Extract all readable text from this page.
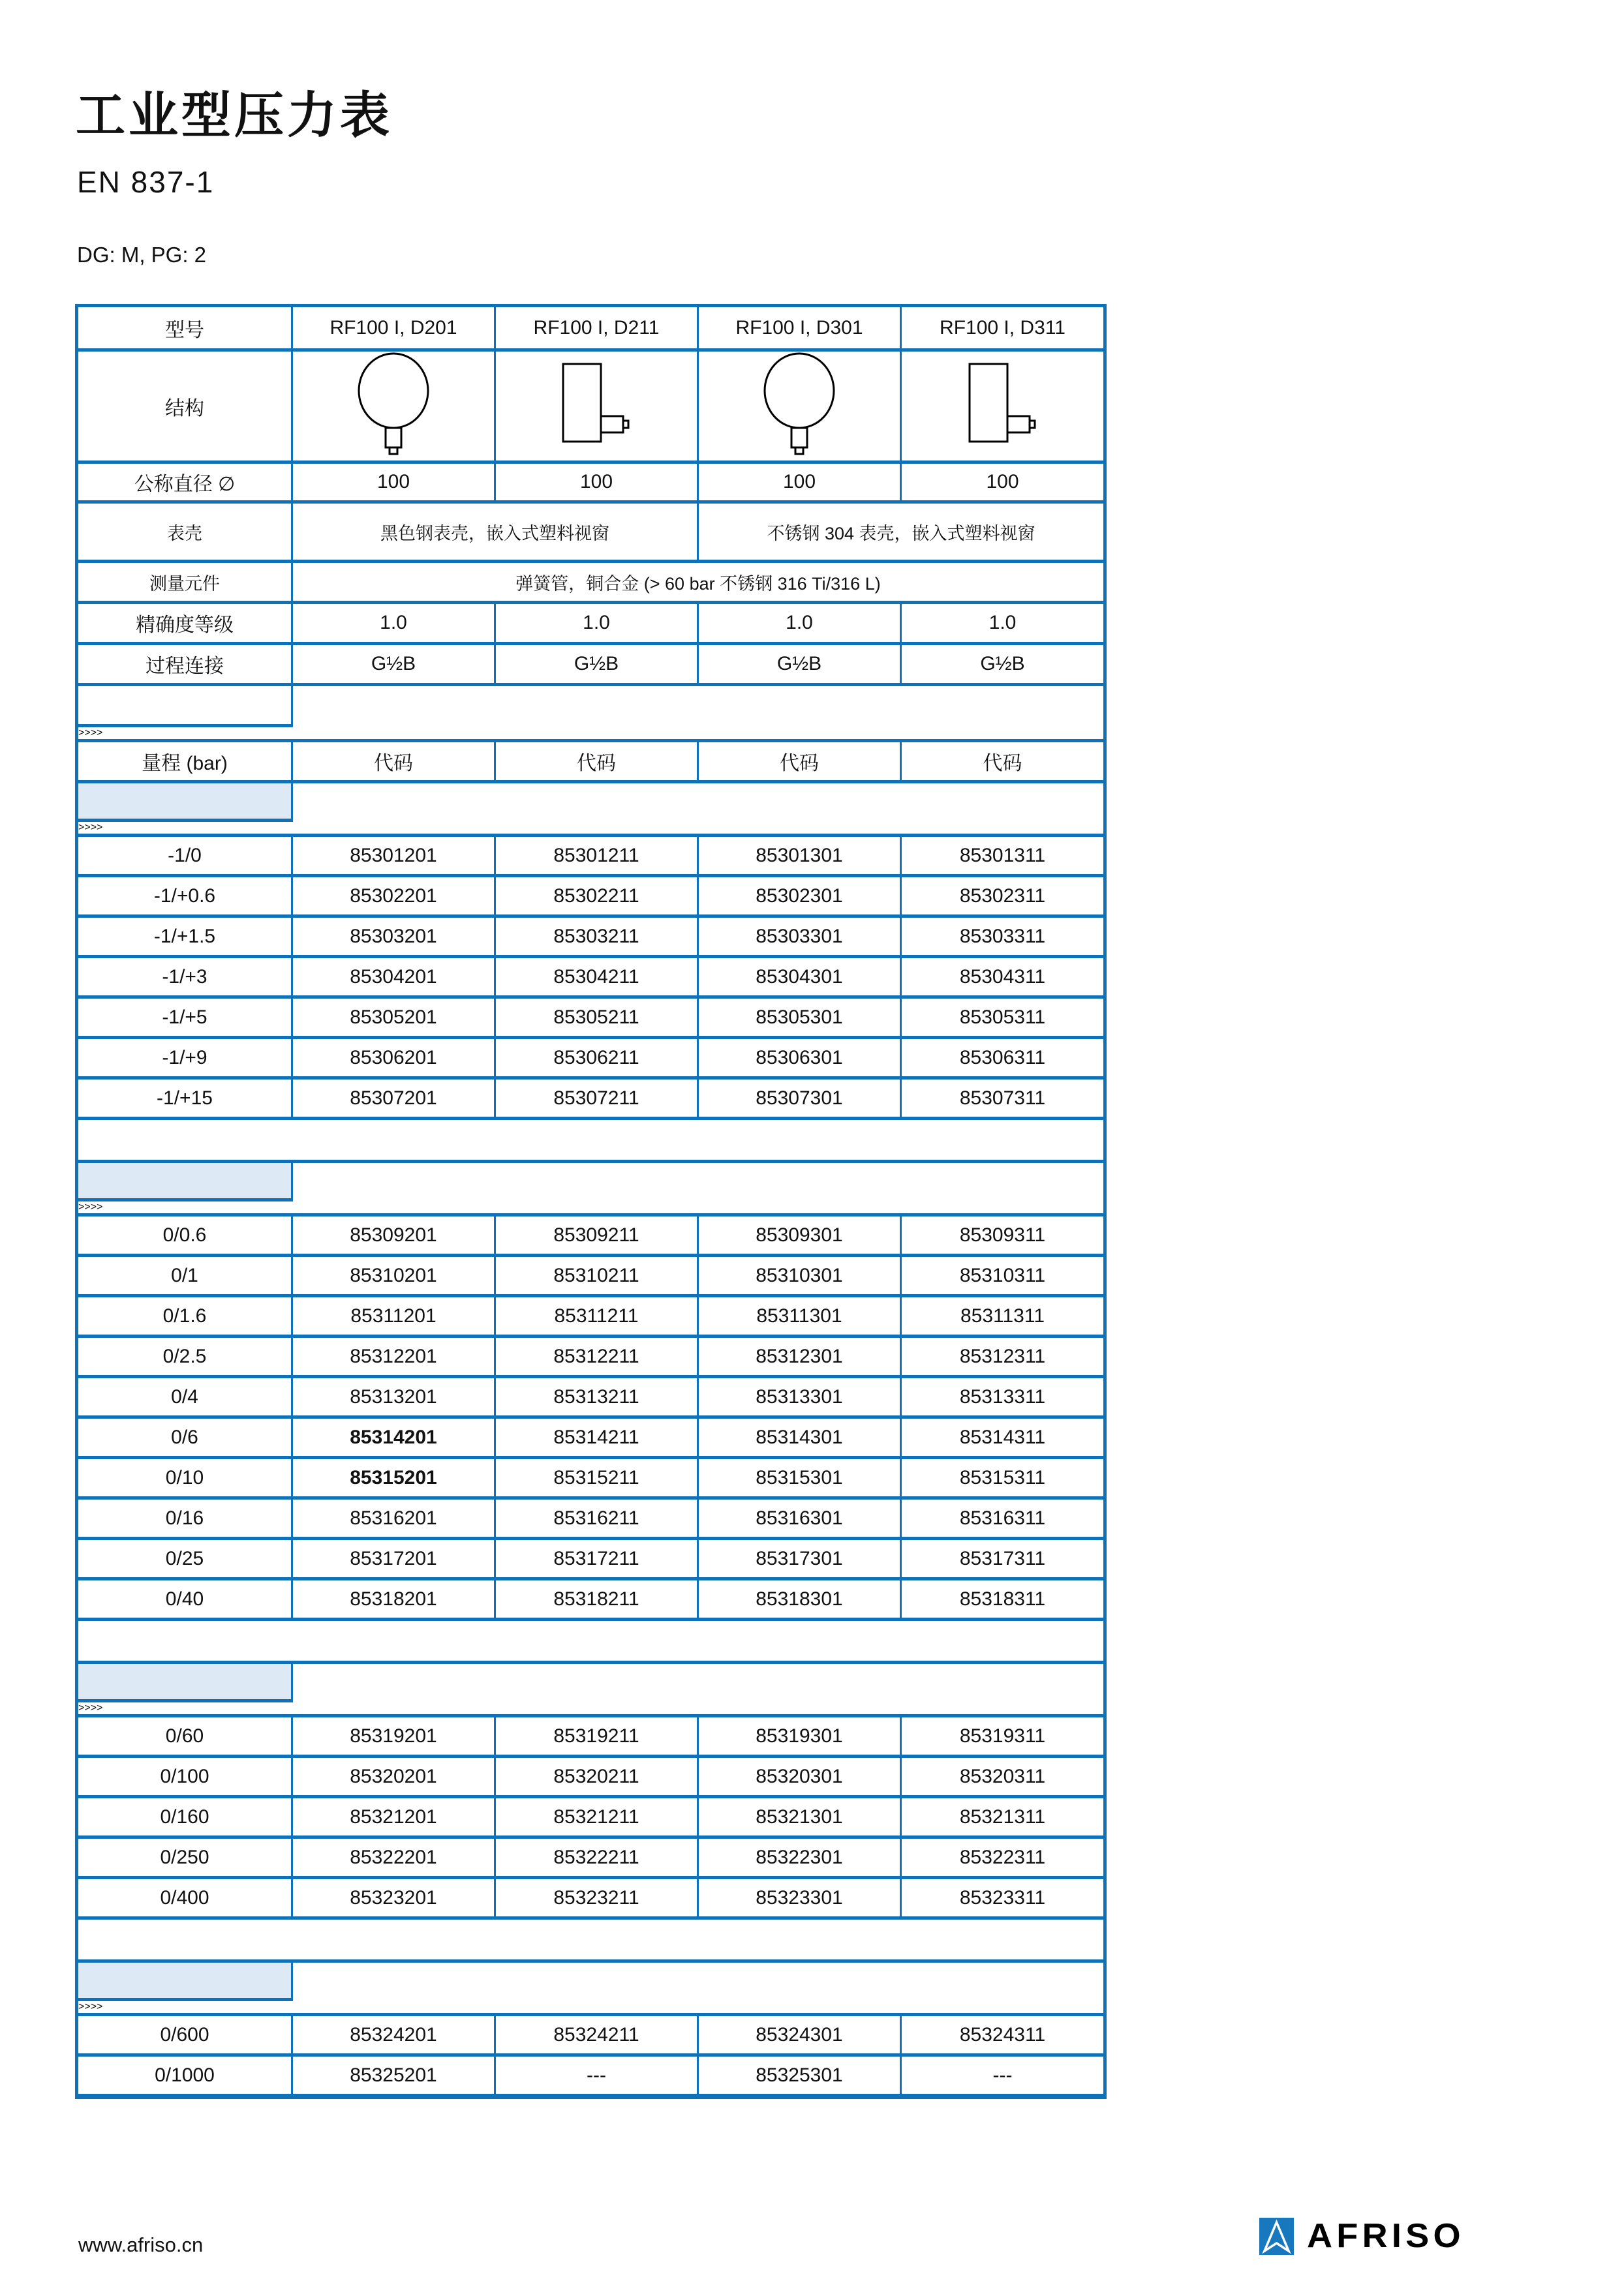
工业型压力表
EN 837-1
DG: M, PG: 2
型号	RF100 I, D201	RF100 I, D211	RF100 I, D301	RF100 I, D311
结构				
公称直径 ∅	100	100	100	100
表壳	黑色钢表壳，嵌入式塑料视窗		不锈钢 304 表壳，嵌入式塑料视窗	
测量元件	弹簧管，铜合金 (> 60 bar 不锈钢 316 Ti/316 L)			
精确度等级	1.0	1.0	1.0	1.0
过程连接	G½B	G½B	G½B	G½B

>>>>量程 (bar)	代码	代码	代码	代码

>>>>-1/0	85301201	85301211	85301301	85301311
-1/+0.6	85302201	85302211	85302301	85302311
-1/+1.5	85303201	85303211	85303301	85303311
-1/+3	85304201	85304211	85304301	85304311
-1/+5	85305201	85305211	85305301	85305311
-1/+9	85306201	85306211	85306301	85306311
-1/+15	85307201	85307211	85307301	85307311

>>>>0/0.6	85309201	85309211	85309301	85309311
0/1	85310201	85310211	85310301	85310311
0/1.6	85311201	85311211	85311301	85311311
0/2.5	85312201	85312211	85312301	85312311
0/4	85313201	85313211	85313301	85313311
0/6	85314201	85314211	85314301	85314311
0/10	85315201	85315211	85315301	85315311
0/16	85316201	85316211	85316301	85316311
0/25	85317201	85317211	85317301	85317311
0/40	85318201	85318211	85318301	85318311

>>>>0/60	85319201	85319211	85319301	85319311
0/100	85320201	85320211	85320301	85320311
0/160	85321201	85321211	85321301	85321311
0/250	85322201	85322211	85322301	85322311
0/400	85323201	85323211	85323301	85323311

>>>>0/600	85324201	85324211	85324301	85324311
0/1000	85325201	---	85325301	---
www.afriso.cn	AFRISO
